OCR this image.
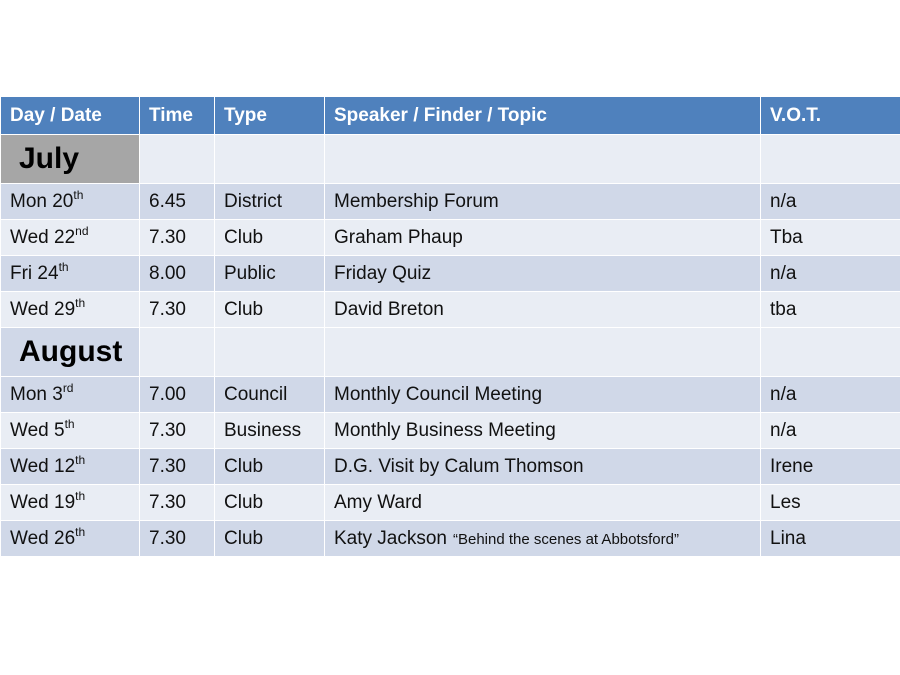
Day / Date	Time	Type	Speaker / Finder / Topic	V.O.T.
July				
Mon 20th	6.45	District	Membership Forum	n/a
Wed 22nd	7.30	Club	Graham Phaup	Tba
Fri 24th	8.00	Public	Friday Quiz	n/a
Wed 29th	7.30	Club	David Breton	tba
August				
Mon 3rd	7.00	Council	Monthly Council Meeting	n/a
Wed 5th	7.30	Business	Monthly Business Meeting	n/a
Wed 12th	7.30	Club	D.G. Visit by Calum Thomson	Irene
Wed 19th	7.30	Club	Amy Ward	Les
Wed 26th	7.30	Club	Katy Jackson “Behind the scenes at Abbotsford”	Lina
